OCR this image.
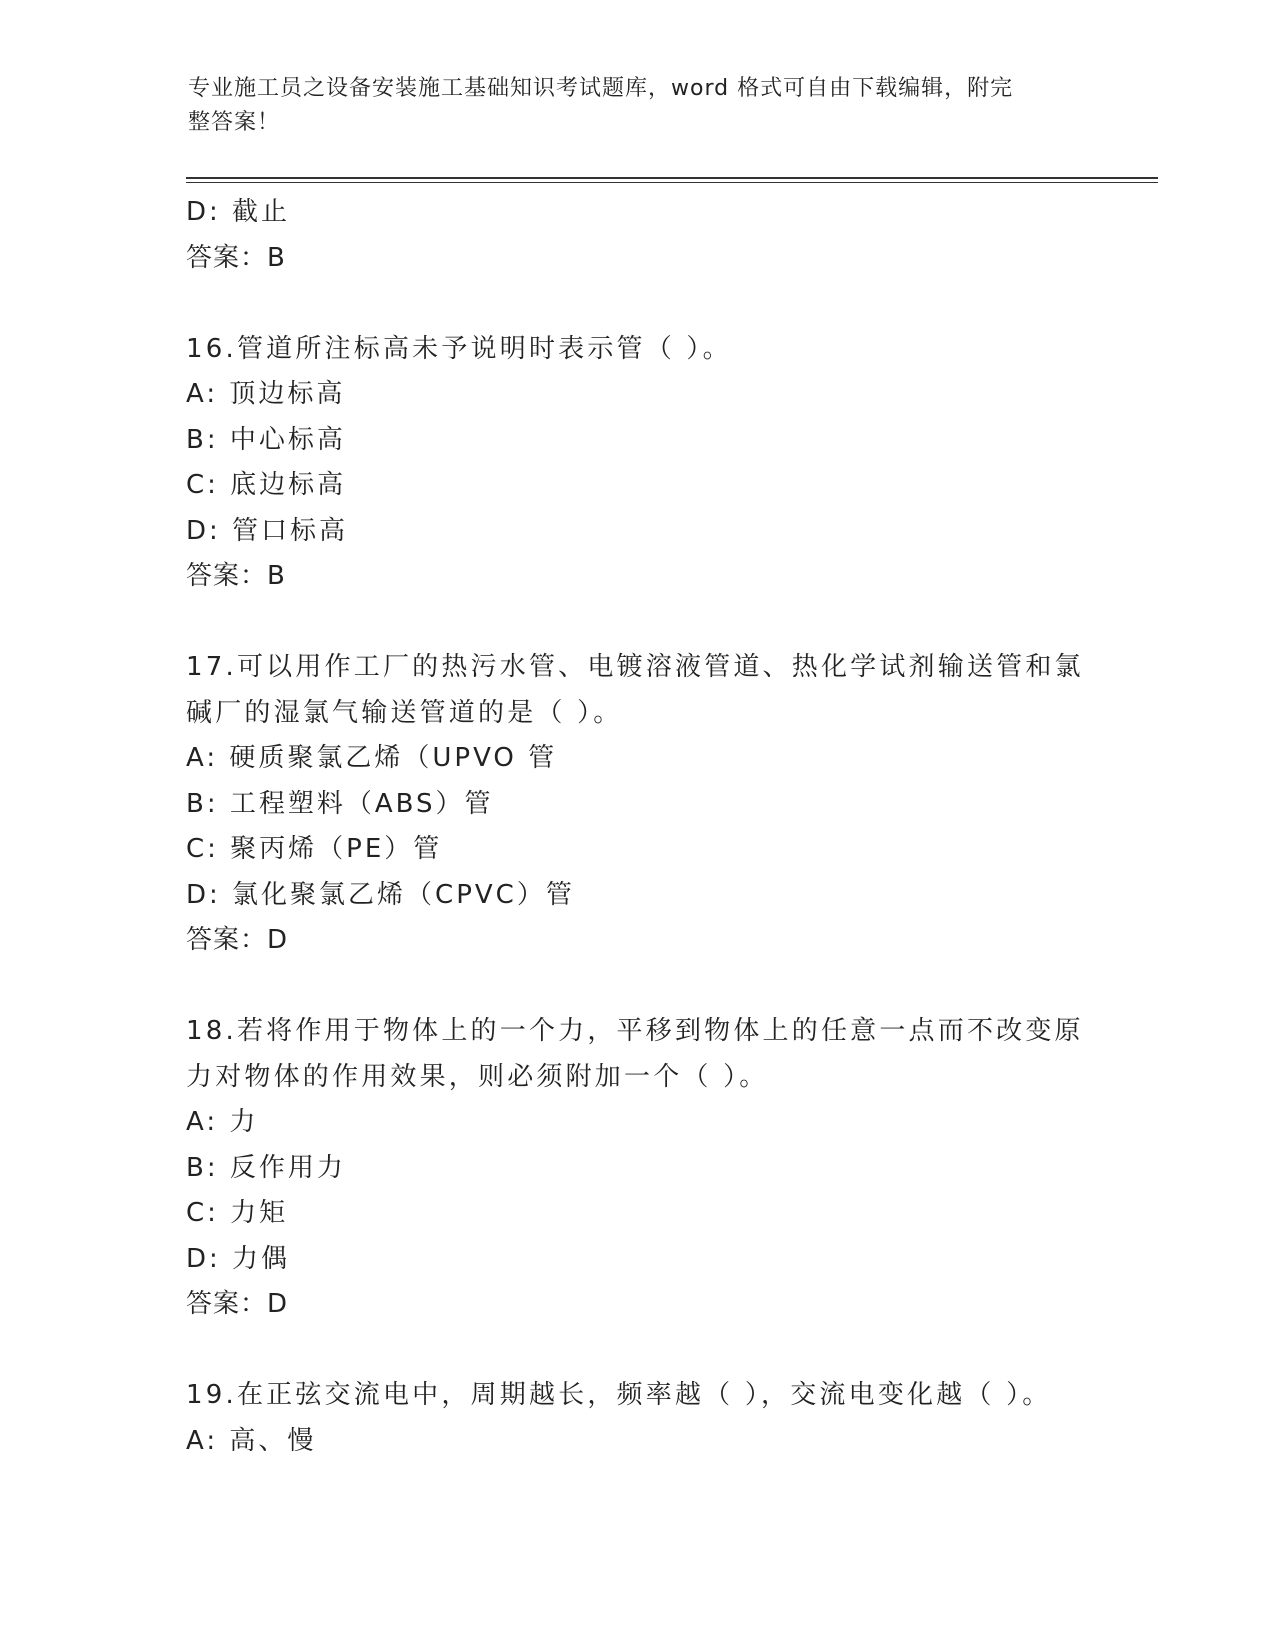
专业施工员之设备安装施工基础知识考试题库，word 格式可自由下载编辑，附完
整答案！
D: 截止
答案：B
16.管道所注标高未予说明时表示管（ ）。
A: 顶边标高
B: 中心标高
C: 底边标高
D: 管口标高
答案：B
17.可以用作工厂的热污水管、电镀溶液管道、热化学试剂输送管和氯
碱厂的湿氯气输送管道的是（ ）。
A: 硬质聚氯乙烯（UPVO 管
B: 工程塑料（ABS）管
C: 聚丙烯（PE）管
D: 氯化聚氯乙烯（CPVC）管
答案：D
18.若将作用于物体上的一个力，平移到物体上的任意一点而不改变原
力对物体的作用效果，则必须附加一个（ ）。
A: 力
B: 反作用力
C: 力矩
D: 力偶
答案：D
19.在正弦交流电中，周期越长，频率越（ ），交流电变化越（ ）。
A: 高、慢
